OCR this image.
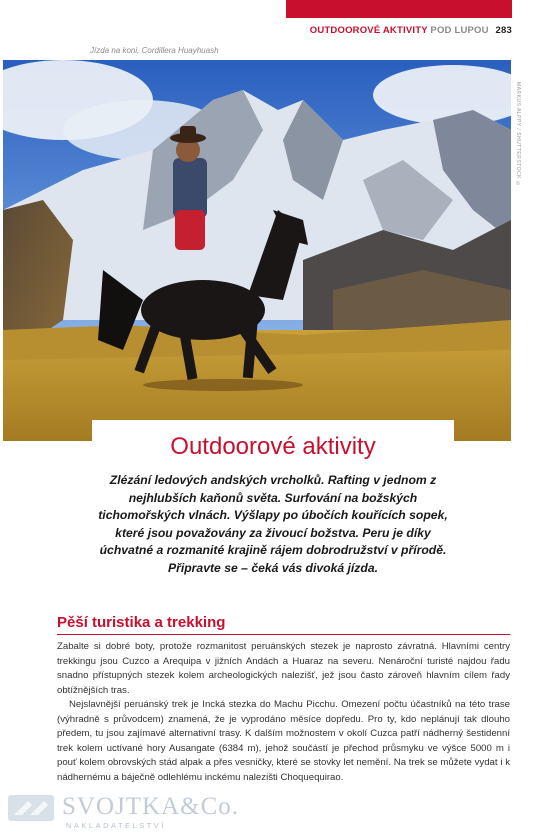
OUTDOOROVÉ AKTIVITY POD LUPOU 283
Jízda na koni, Cordillera Huayhuash
MARKUS ALPPY / SHUTTERSTOCK ©
Outdoorové aktivity
Zlézání ledových andských vrcholků. Rafting v jednom z nejhlubších kaňonů světa. Surfování na božských tichomořských vlnách. Výšlapy po úbočích kouřících sopek, které jsou považovány za živoucí božstva. Peru je díky úchvatné a rozmanité krajině rájem dobrodružství v přírodě. Připravte se – čeká vás divoká jízda.
Pěší turistika a trekking

Zabalte si dobré boty, protože rozmanitost peruánských stezek je naprosto závratná. Hlavními centry trekkingu jsou Cuzco a Arequipa v jižních Andách a Huaraz na severu. Nenároční turisté najdou řadu snadno přístupných stezek kolem archeologických nalezišť, jež jsou často zároveň hlavním cílem řady obtížnějších tras.

Nejslavnější peruánský trek je Incká stezka do Machu Picchu. Omezení počtu účastníků na této trase (výhradně s průvodcem) znamená, že je vyprodáno měsíce dopředu. Pro ty, kdo neplánují tak dlouho předem, tu jsou zajímavé alternativní trasy. K dalším možnostem v okolí Cuzca patří nádherný šestidenní trek kolem uctívané hory Ausangate (6384 m), jehož součástí je přechod průsmyku ve výšce 5000 m i pouť kolem obrovských stád alpak a přes vesničky, které se stovky let nemění. Na trek se můžete vydat i k nádhernému a báječně odlehlému inckému nalezišti Choquequirao.

SVOJTKA&Co.
NAKLADATELSTVÍ
